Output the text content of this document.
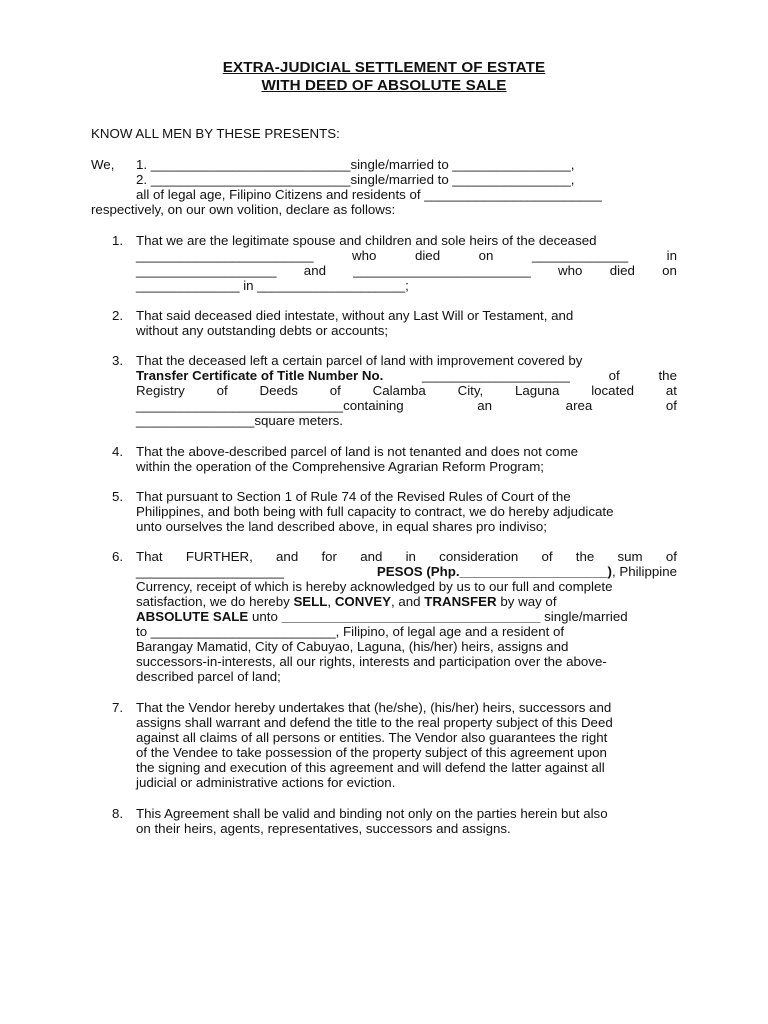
EXTRA-JUDICIAL SETTLEMENT OF ESTATE
WITH DEED OF ABSOLUTE SALE
KNOW ALL MEN BY THESE PRESENTS:
We, 1. ___________________________single/married to ________________,
2. ___________________________single/married to ________________,
all of legal age, Filipino Citizens and residents of ________________________
respectively, on our own volition, declare as follows:
1. That we are the legitimate spouse and children and sole heirs of the deceased
________________________	who	died	on	_____________	in
___________________ and ________________________ who died on
______________ in ____________________;
2. That said deceased died intestate, without any Last Will or Testament, and
without any outstanding debts or accounts;
3. That the deceased left a certain parcel of land with improvement covered by
Transfer Certificate of Title Number No.	____________________	of	the
Registry of Deeds of Calamba City, Laguna located at
____________________________containing	an	area	of
________________square meters.
4. That the above-described parcel of land is not tenanted and does not come
within the operation of the Comprehensive Agrarian Reform Program;
5. That pursuant to Section 1 of Rule 74 of the Revised Rules of Court of the
Philippines, and both being with full capacity to contract, we do hereby adjudicate
unto ourselves the land described above, in equal shares pro indiviso;
6. That FURTHER, and for and in consideration of the sum of
____________________	PESOS (Php.____________________), Philippine
Currency, receipt of which is hereby acknowledged by us to our full and complete
satisfaction, we do hereby SELL, CONVEY, and TRANSFER by way of
ABSOLUTE SALE unto ___________________________________ single/married
to _________________________, Filipino, of legal age and a resident of
Barangay Mamatid, City of Cabuyao, Laguna, (his/her) heirs, assigns and
successors-in-interests, all our rights, interests and participation over the above-
described parcel of land;
7. That the Vendor hereby undertakes that (he/she), (his/her) heirs, successors and
assigns shall warrant and defend the title to the real property subject of this Deed
against all claims of all persons or entities. The Vendor also guarantees the right
of the Vendee to take possession of the property subject of this agreement upon
the signing and execution of this agreement and will defend the latter against all
judicial or administrative actions for eviction.
8. This Agreement shall be valid and binding not only on the parties herein but also
on their heirs, agents, representatives, successors and assigns.
